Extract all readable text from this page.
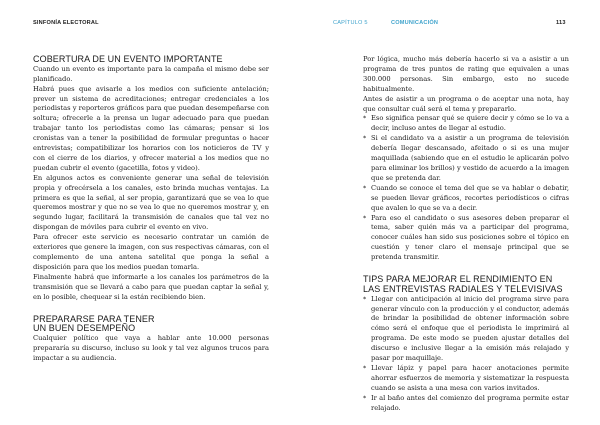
SINFONÍA ELECTORAL	CAPÍTULO 5	COMUNICACIÓN	113
COBERTURA DE UN EVENTO IMPORTANTE

Cuando un evento es importante para la campaña el mismo debe ser planificado.

Habrá pues que avisarle a los medios con suficiente antelación; prever un sistema de acreditaciones; entregar credenciales a los periodistas y reporteros gráficos para que puedan desempeñarse con soltura; ofrecerle a la prensa un lugar adecuado para que puedan trabajar tanto los periodistas como las cámaras; pensar si los cronistas van a tener la posibilidad de formular preguntas o hacer entrevistas; compatibilizar los horarios con los noticieros de TV y con el cierre de los diarios, y ofrecer material a los medios que no puedan cubrir el evento (gacetilla, fotos y video).

En algunos actos es conveniente generar una señal de televisión propia y ofrecérsela a los canales, esto brinda muchas ventajas. La primera es que la señal, al ser propia, garantizará que se vea lo que queremos mostrar y que no se vea lo que no queremos mostrar y, en segundo lugar, facilitará la transmisión de canales que tal vez no dispongan de móviles para cubrir el evento en vivo.

Para ofrecer este servicio es necesario contratar un camión de exteriores que genere la imagen, con sus respectivas cámaras, con el complemento de una antena satelital que ponga la señal a disposición para que los medios puedan tomarla.

Finalmente habrá que informarle a los canales los parámetros de la transmisión que se llevará a cabo para que puedan captar la señal y, en lo posible, chequear si la están recibiendo bien.

PREPARARSE PARA TENER
UN BUEN DESEMPEÑO

Cualquier político que vaya a hablar ante 10.000 personas prepararía su discurso, incluso su look y tal vez algunos trucos para impactar a su audiencia.

Por lógica, mucho más debería hacerlo si va a asistir a un programa de tres puntos de rating que equivalen a unas 300.000 personas. Sin embargo, esto no sucede habitualmente.

Antes de asistir a un programa o de aceptar una nota, hay que consultar cuál será el tema y prepararlo.

* Eso significa pensar qué se quiere decir y cómo se lo va a decir, incluso antes de llegar al estudio.
* Si el candidato va a asistir a un programa de televisión debería llegar descansado, afeitado o si es una mujer maquillada (sabiendo que en el estudio le aplicarán polvo para eliminar los brillos) y vestido de acuerdo a la imagen que se pretenda dar.
* Cuando se conoce el tema del que se va hablar o debatir, se pueden llevar gráficos, recortes periodísticos o cifras que avalen lo que se va a decir.
* Para eso el candidato o sus asesores deben preparar el tema, saber quién más va a participar del programa, conocer cuáles han sido sus posiciones sobre el tópico en cuestión y tener claro el mensaje principal que se pretenda transmitir.
TIPS PARA MEJORAR EL RENDIMIENTO EN
LAS ENTREVISTAS RADIALES Y TELEVISIVAS
* Llegar con anticipación al inicio del programa sirve para generar vínculo con la producción y el conductor, además de brindar la posibilidad de obtener información sobre cómo será el enfoque que el periodista le imprimirá al programa. De este modo se pueden ajustar detalles del discurso e inclusive llegar a la emisión más relajado y pasar por maquillaje.
* Llevar lápiz y papel para hacer anotaciones permite ahorrar esfuerzos de memoria y sistematizar la respuesta cuando se asista a una mesa con varios invitados.
* Ir al baño antes del comienzo del programa permite estar relajado.
